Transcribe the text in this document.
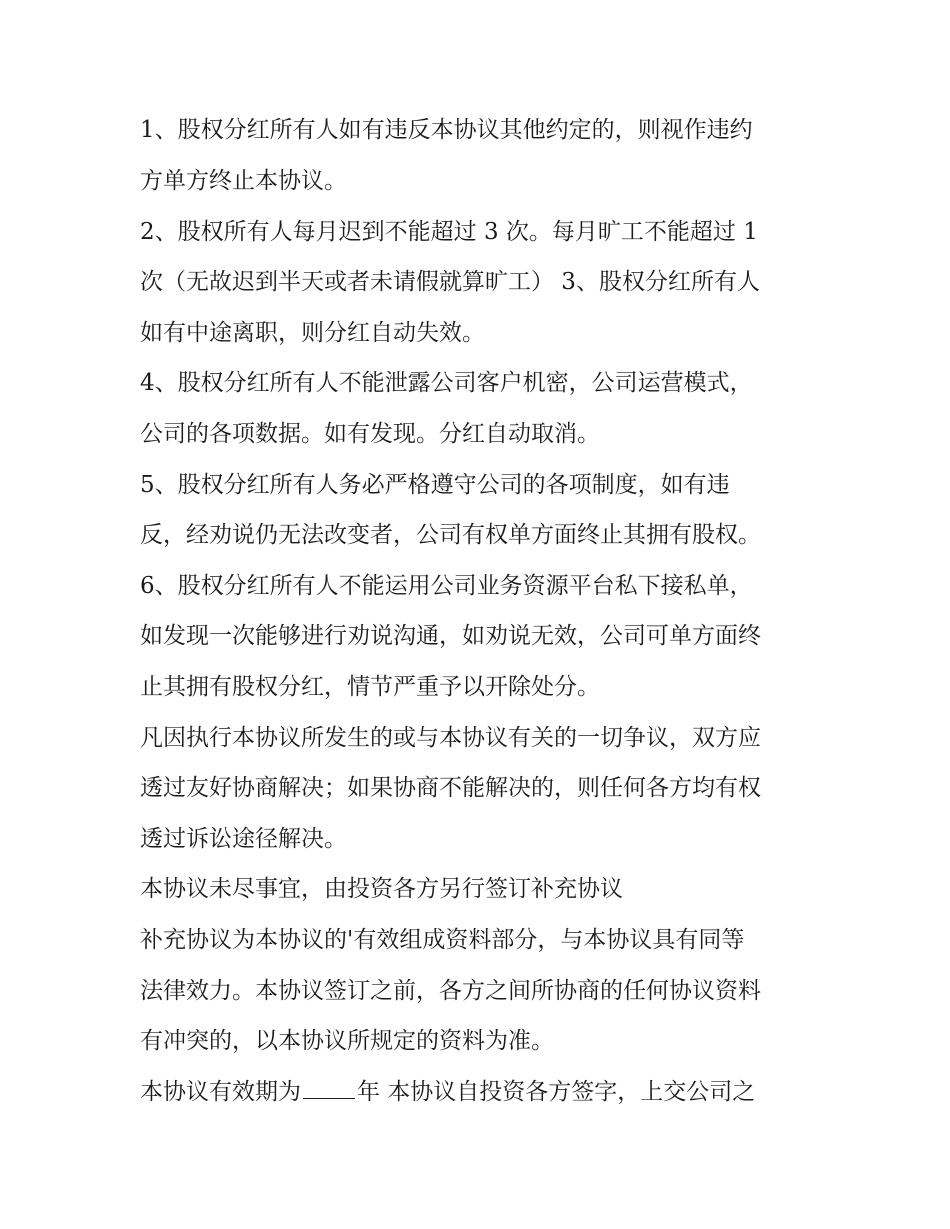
1、股权分红所有人如有违反本协议其他约定的，则视作违约
方单方终止本协议。
2、股权所有人每月迟到不能超过 3 次。每月旷工不能超过 1
次（无故迟到半天或者未请假就算旷工） 3、股权分红所有人
如有中途离职，则分红自动失效。
4、股权分红所有人不能泄露公司客户机密，公司运营模式，
公司的各项数据。如有发现。分红自动取消。
5、股权分红所有人务必严格遵守公司的各项制度，如有违
反，经劝说仍无法改变者，公司有权单方面终止其拥有股权。
6、股权分红所有人不能运用公司业务资源平台私下接私单，
如发现一次能够进行劝说沟通，如劝说无效，公司可单方面终
止其拥有股权分红，情节严重予以开除处分。
凡因执行本协议所发生的或与本协议有关的一切争议，双方应
透过友好协商解决；如果协商不能解决的，则任何各方均有权
透过诉讼途径解决。
本协议未尽事宜，由投资各方另行签订补充协议
补充协议为本协议的'有效组成资料部分，与本协议具有同等
法律效力。本协议签订之前，各方之间所协商的任何协议资料
有冲突的，以本协议所规定的资料为准。
本协议有效期为 年 本协议自投资各方签字，上交公司之
